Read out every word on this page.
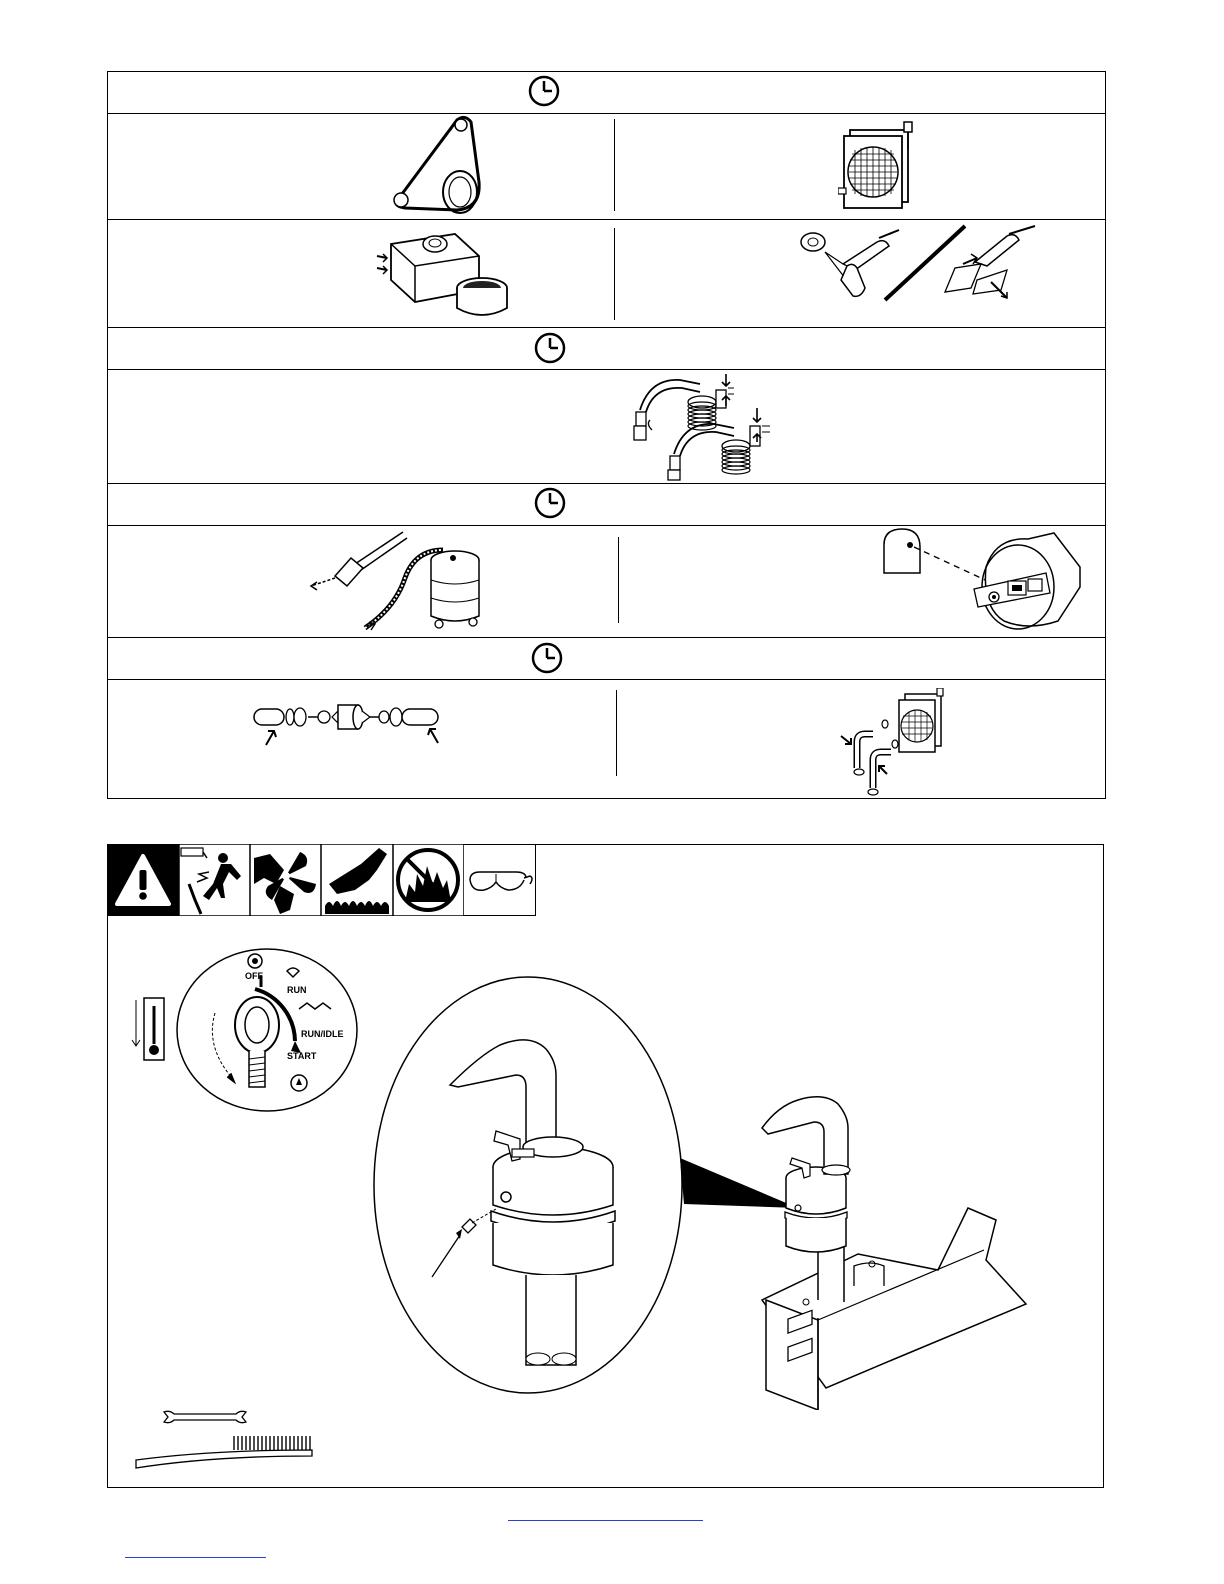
OFF
RUN
RUN/IDLE
START
